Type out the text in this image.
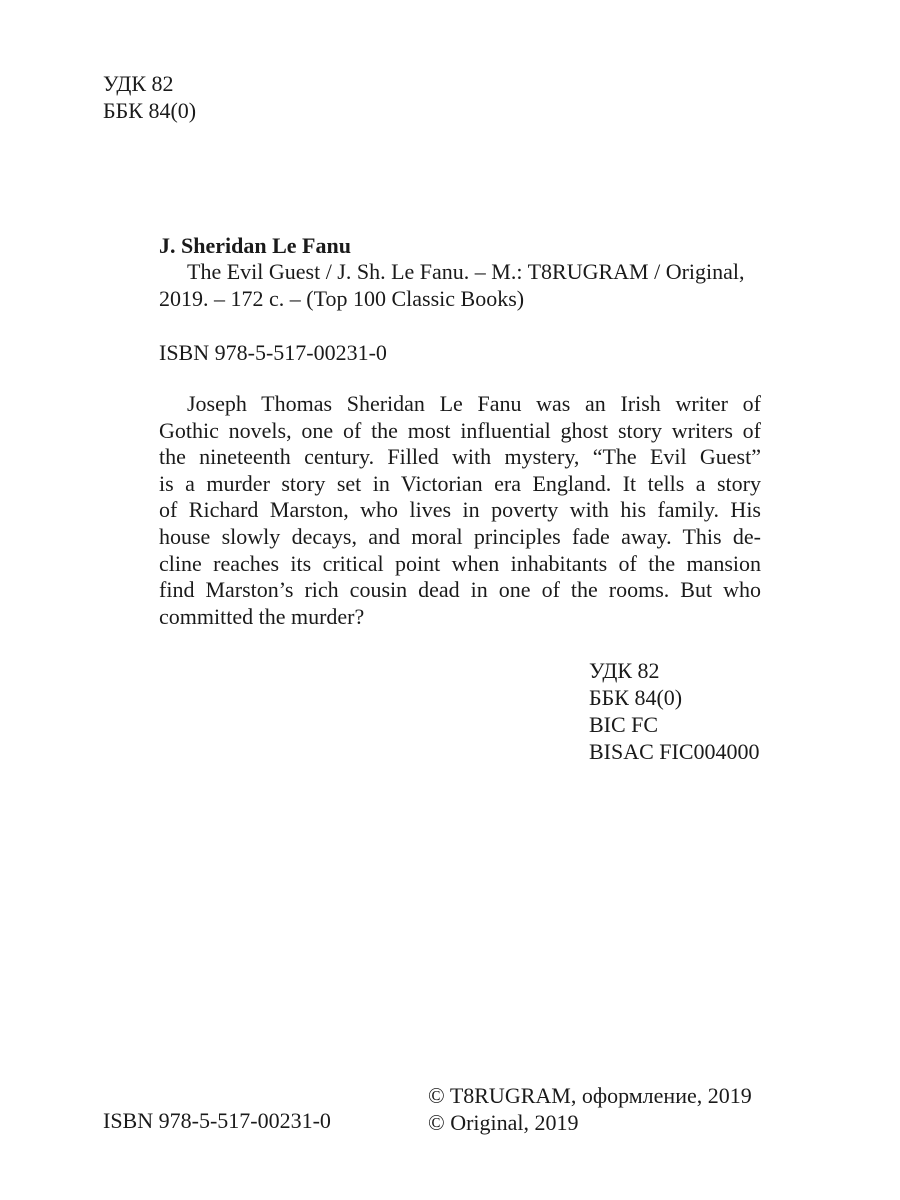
УДК 82
ББК 84(0)
J. Sheridan Le Fanu
The Evil Guest / J. Sh. Le Fanu. – M.: T8RUGRAM / Original,
2019. – 172 с. – (Top 100 Classic Books)
ISBN 978-5-517-00231-0
Joseph Thomas Sheridan Le Fanu was an Irish writer of
Gothic novels, one of the most influential ghost story writers of
the nineteenth century. Filled with mystery, “The Evil Guest”
is a murder story set in Victorian era England. It tells a story
of Richard Marston, who lives in poverty with his family. His
house slowly decays, and moral principles fade away. This de-
cline reaches its critical point when inhabitants of the mansion
find Marston’s rich cousin dead in one of the rooms. But who
committed the murder?
УДК 82
ББК 84(0)
BIC FC
BISAC FIC004000
ISBN 978-5-517-00231-0
© T8RUGRAM, оформление, 2019
© Original, 2019
